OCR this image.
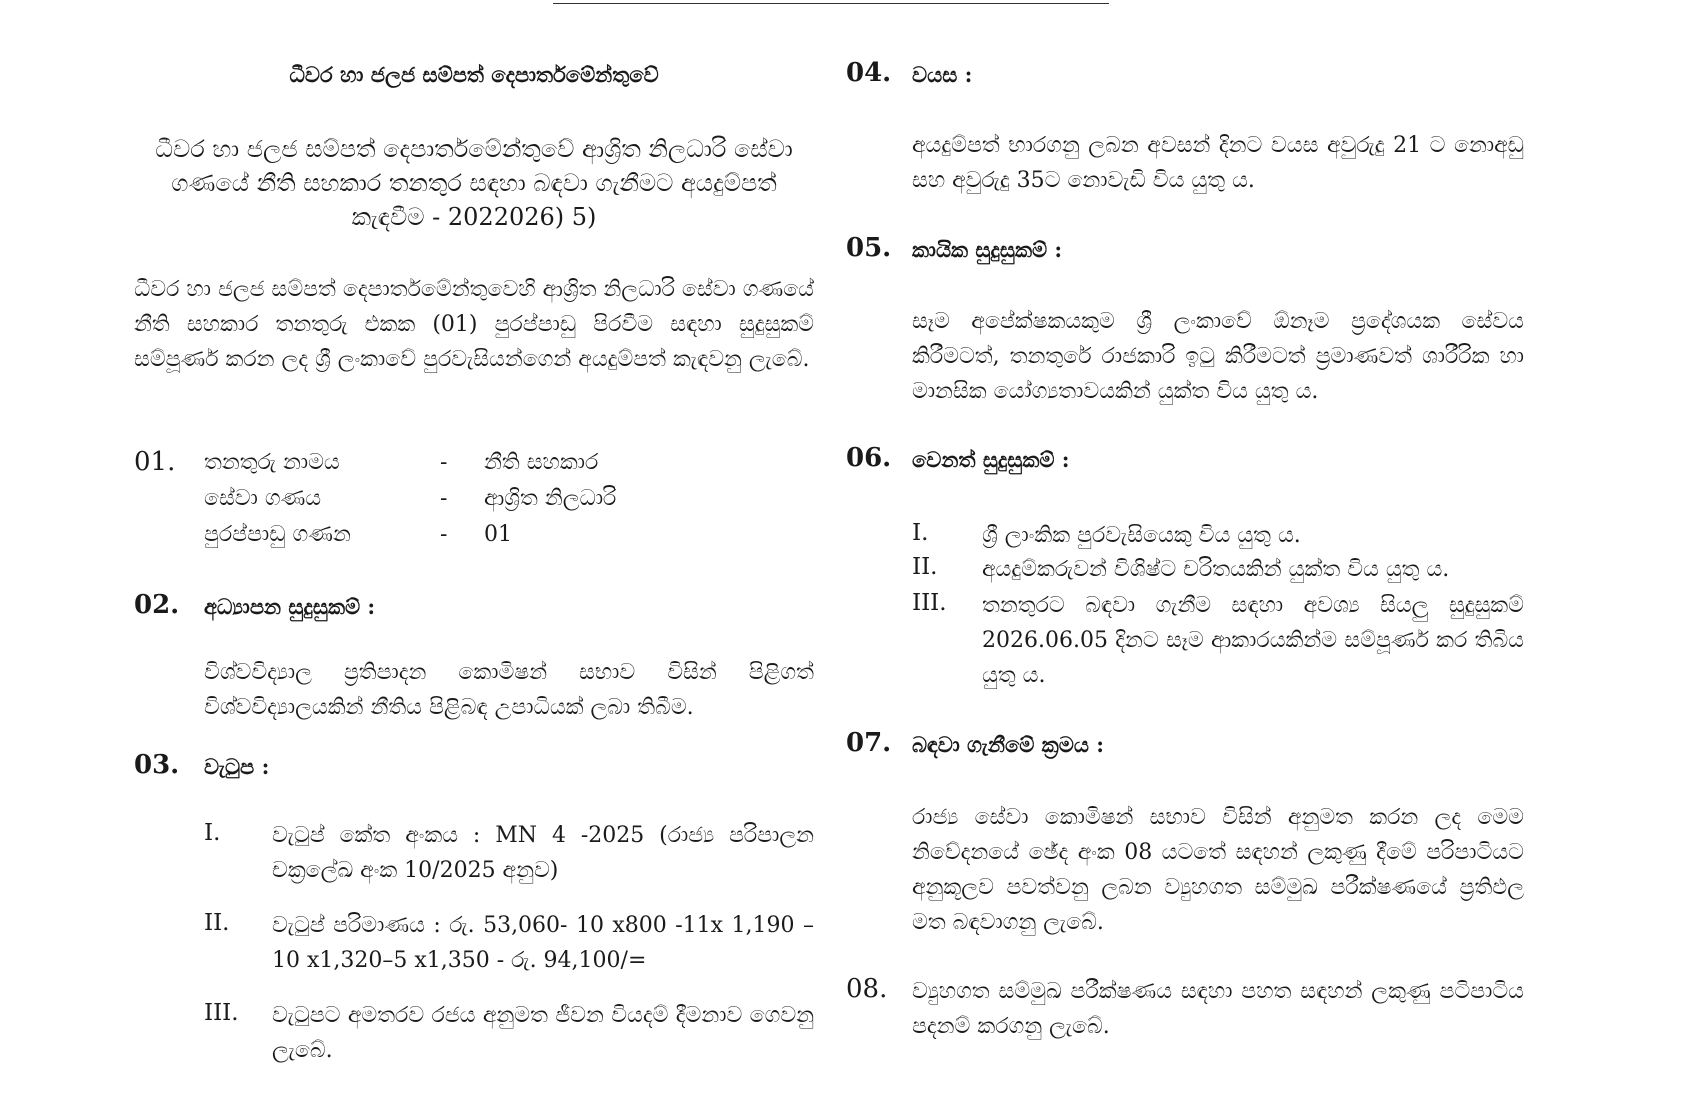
ධීවර හා ජලජ සම්පත් දෙපාර්තමේන්තුවේ
ධීවර හා ජලජ සම්පත් දෙපාර්තමේන්තුවේ ආශ්‍රිත නිලධාරි සේවා ගණයේ නීති සහකාර තනතුර සඳහා බඳවා ගැනීමට අයදුම්පත් කැඳවීම - 2022026) 5)
ධීවර හා ජලජ සම්පත් දෙපාර්තමේන්තුවෙහි ආශ්‍රිත නිලධාරි සේවා ගණයේ නීති සහකාර තනතුරු එකක (01) පුරප්පාඩු පිරවීම සඳහා සුදුසුකම් සම්පූර්ණ කරන ලද ශ්‍රී ලංකාවේ පුරවැසියන්ගෙන් අයදුම්පත් කැඳවනු ලැබේ.
01. තනතුරු නාමය	- නීති සහකාර
සේවා ගණය	- ආශ්‍රිත නිලධාරි
පුරප්පාඩු ගණන	- 01
02. අධ්‍යාපන සුදුසුකම් :
විශ්වවිද්‍යාල ප්‍රතිපාදන කොමිෂන් සභාව විසින් පිළිගත් විශ්වවිද්‍යාලයකින් නීතිය පිළිබඳ උපාධියක් ලබා තිබීම.
03. වැටුප :
I. වැටුප් කේත අංකය : MN 4 -2025 (රාජ්‍ය පරිපාලන චක්‍රලේඛ අංක 10/2025 අනුව)
II. වැටුප් පරිමාණය : රු. 53,060- 10 x800 -11x 1,190 – 10 x1,320–5 x1,350 - රු. 94,100/=
III. වැටුපට අමතරව රජය අනුමත ජීවන වියදම් දීමනාව ගෙවනු ලැබේ.
04. වයස :
අයදුම්පත් භාරගනු ලබන අවසන් දිනට වයස අවුරුදු 21 ට නොඅඩු සහ අවුරුදු 35ට නොවැඩි විය යුතු ය.
05. කායික සුදුසුකම් :
සෑම අපේක්ෂකයකුම ශ්‍රී ලංකාවේ ඕනෑම ප්‍රදේශයක සේවය කිරීමටත්, තනතුරේ රාජකාරි ඉටු කිරීමටත් ප්‍රමාණවත් ශාරීරික හා මානසික යෝග්‍යතාවයකින් යුක්ත විය යුතු ය.
06. වෙනත් සුදුසුකම් :
I. ශ්‍රී ලාංකික පුරවැසියෙකු විය යුතු ය.
II. අයදුම්කරුවන් විශිෂ්ට චරිතයකින් යුක්ත විය යුතු ය.
III. තනතුරට බඳවා ගැනීම සඳහා අවශ්‍ය සියලු සුදුසුකම් 2026.06.05 දිනට සෑම ආකාරයකින්ම සම්පූර්ණ කර තිබිය යුතු ය.
07. බඳවා ගැනීමේ ක්‍රමය :
රාජ්‍ය සේවා කොමිෂන් සභාව විසින් අනුමත කරන ලද මෙම නිවේදනයේ ඡේද අංක 08 යටතේ සඳහන් ලකුණු දීමේ පරිපාටියට අනුකූලව පවත්වනු ලබන ව්‍යුහගත සම්මුඛ පරීක්ෂණයේ ප්‍රතිඵල මත බඳවාගනු ලැබේ.
08. ව්‍යුහගත සම්මුඛ පරීක්ෂණය සඳහා පහත සඳහන් ලකුණු පටිපාටිය පදනම් කරගනු ලැබේ.
